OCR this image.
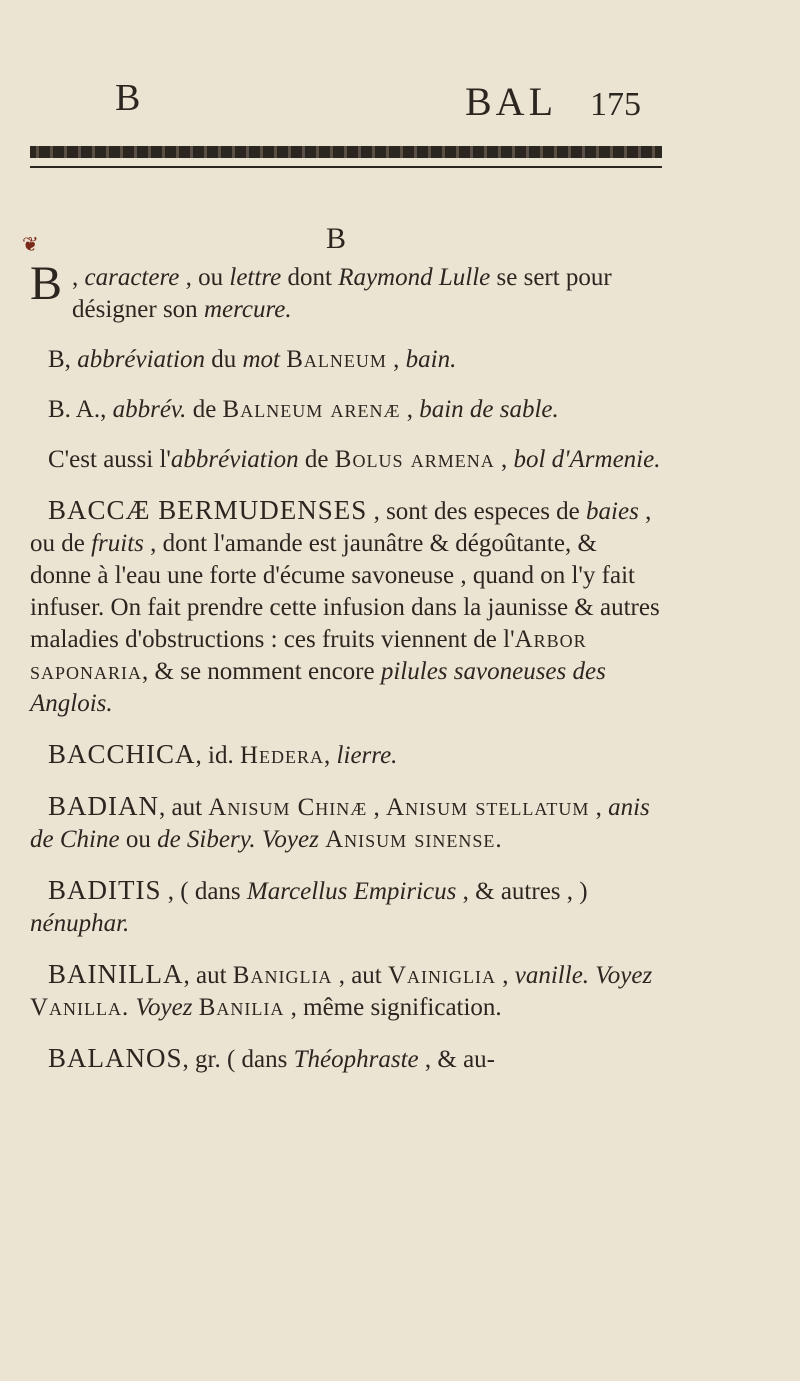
B	BAL 175
❦	B

B , caractere , ou lettre dont Raymond Lulle se sert pour désigner son mercure.

B, abbréviation du mot Balneum , bain.

B. A., abbrév. de Balneum arenæ , bain de sable.

C'est aussi l'abbréviation de Bolus armena , bol d'Armenie.

BACCÆ BERMUDENSES , sont des especes de baies , ou de fruits , dont l'amande est jaunâtre & dégoûtante, & donne à l'eau une forte d'écume savoneuse , quand on l'y fait infuser. On fait prendre cette infusion dans la jaunisse & autres maladies d'obstructions : ces fruits viennent de l'Arbor saponaria, & se nomment encore pilules savoneuses des Anglois.

BACCHICA, id. Hedera, lierre.

BADIAN, aut Anisum Chinæ , Anisum stellatum , anis de Chine ou de Sibery. Voyez Anisum sinense.

BADITIS , ( dans Marcellus Empiricus , & autres , ) nénuphar.

BAINILLA, aut Baniglia , aut Vainiglia , vanille. Voyez Vanilla. Voyez Banilia , même signification.

BALANOS, gr. ( dans Théophraste , & au-
